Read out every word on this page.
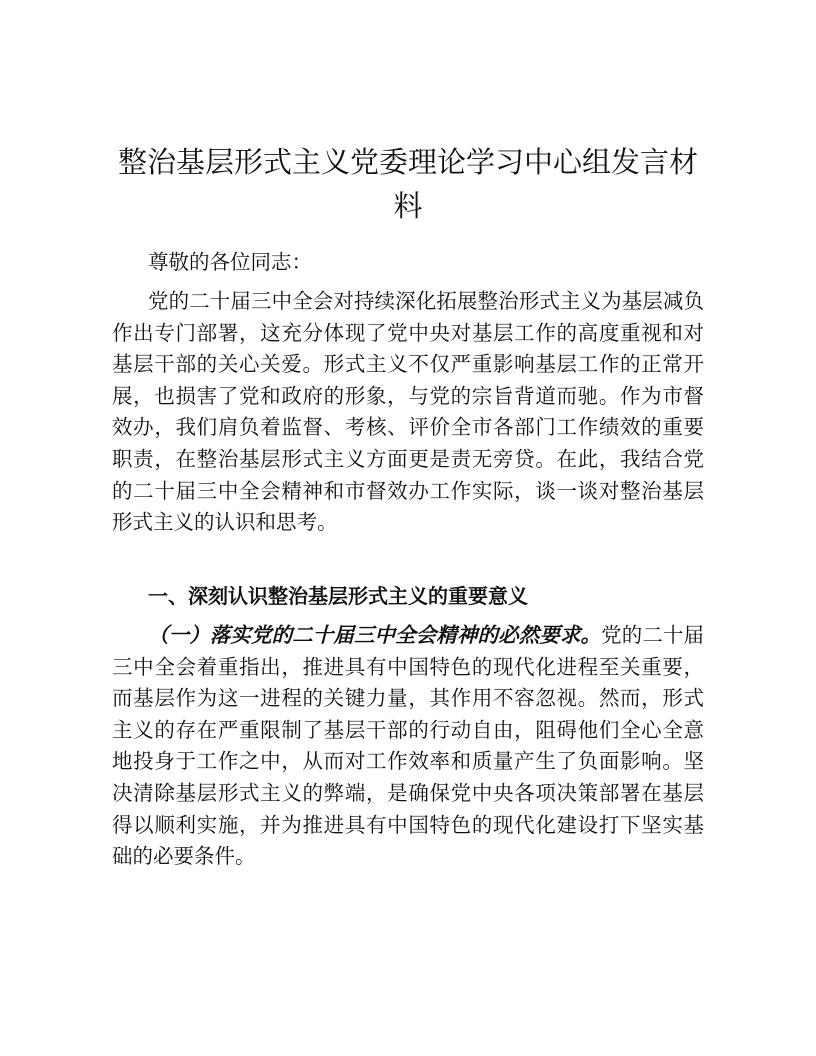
整治基层形式主义党委理论学习中心组发言材料

尊敬的各位同志：

党的二十届三中全会对持续深化拓展整治形式主义为基层减负作出专门部署，这充分体现了党中央对基层工作的高度重视和对基层干部的关心关爱。形式主义不仅严重影响基层工作的正常开展，也损害了党和政府的形象，与党的宗旨背道而驰。作为市督效办，我们肩负着监督、考核、评价全市各部门工作绩效的重要职责，在整治基层形式主义方面更是责无旁贷。在此，我结合党的二十届三中全会精神和市督效办工作实际，谈一谈对整治基层形式主义的认识和思考。

一、深刻认识整治基层形式主义的重要意义

（一）落实党的二十届三中全会精神的必然要求。党的二十届三中全会着重指出，推进具有中国特色的现代化进程至关重要，而基层作为这一进程的关键力量，其作用不容忽视。然而，形式主义的存在严重限制了基层干部的行动自由，阻碍他们全心全意地投身于工作之中，从而对工作效率和质量产生了负面影响。坚决清除基层形式主义的弊端，是确保党中央各项决策部署在基层得以顺利实施，并为推进具有中国特色的现代化建设打下坚实基础的必要条件。
